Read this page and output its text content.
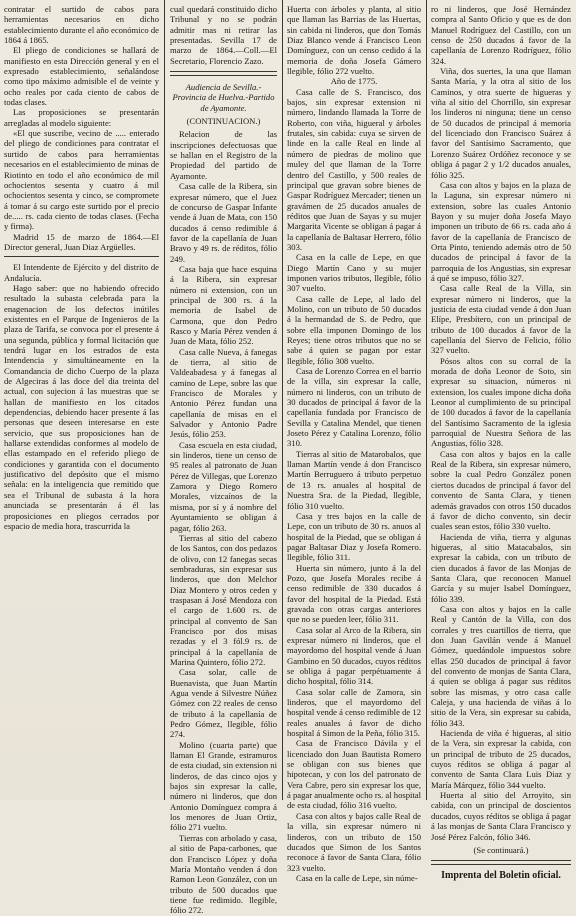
contratar el surtido de cabos para herramientas necesarios en dicho establecimiento durante el año económico de 1864 á 1865.

El pliego de condiciones se hallará de manifiesto en esta Dirección general y en el expresado establecimiento, señalándose como tipo máximo admisible el de veinte y ocho reales por cada ciento de cabos de todas clases.

Las proposiciones se presentarán arregladas al modelo siguiente:

«El que suscribe, vecino de ..... enterado del pliego de condiciones para contratar el surtido de cabos para herramientas necesarios en el establecimiento de minas de Riotinto en todo el año económico de mil ochocientos sesenta y cuatro á mil ochocientos sesenta y cinco, se compromete á tomar á su cargo este surtido por el precio de..... rs. cada ciento de todas clases. (Fecha y firma).

Madrid 15 de marzo de 1864.—El Director general, Juan Diaz Argüelles.

El Intendente de Ejército y del distrito de Andalucía.

Hago saber: que no habiendo ofrecido resultado la subasta celebrada para la enagenacion de los defectos inútiles existentes en el Parque de Ingenieros de la plaza de Tarifa, se convoca por el presente á una segunda, pública y formal licitación que tendrá lugar en los estrados de esta Intendencia y simultáneamente en la Comandancia de dicho Cuerpo de la plaza de Algeciras á las doce del dia treinta del actual, con sujecion á las muestras que se hallan de manifiesto en los citados dependencias, debiendo hacer presente á las personas que deseen interesarse en este servicio, que sus proposiciones han de hallarse extendidas conformes al modelo de ellas estampado en el referido pliego de condiciones y garantida con el documento justificativo del depósito que el mismo señala: en la inteligencia que remitido que sea el Tribunal de subasta á la hora anunciada se presentarán á él las proposiciones en pliegos cerrados por espacio de media hora, trascurrida la

cual quedará constituido dicho Tribunal y no se podrán admitir mas ni retirar las presentadas. Sevilla 17 de marzo de 1864.—Coll.—El Secretario, Florencio Zazo.

Audiencia de Sevilla.-Provincia de Huelva.-Partido de Ayamonte.

(CONTINUACION.)

Relacion de las inscripciones defectuosas que se hallan en el Registro de la Propiedad del partido de Ayamonte.

Casa calle de la Ribera, sin expresar número, que el Juez de concurso de Gaspar Infante vende á Juan de Mata, con 150 ducados á censo redimible á favor de la capellanía de Juan Bravo y 49 rs. de réditos, fólio 249.

Casa baja que hace esquina á la Ribera, sin expresar número ni extension, con un principal de 300 rs. á la memoria de Isabel de Carmona, que don Pedro Rasco y María Pérez venden á Juan de Mata, fólio 252.

Casa calle Nueva, á fanegas de tierra, al sitio de Valdeabadesa y á fanegas al camino de Lepe, sobre las que Francisco de Morales y Antonio Pérez fundan una capellanía de misas en el Salvador y Antonio Padre Jesús, fólio 253.

Casa escuela en esta ciudad, sin linderos, tiene un censo de 95 reales al patronato de Juan Pérez de Villegas, que Lorenzo Zamora y Diego Romero Morales, vizcaínos de la misma, por sí y á nombre del Ayuntamiento se obligan á pagar, fólio 263.

Tierras al sitio del cabezo de los Santos, con dos pedazos de olivo, con 12 fanegas secas sembraduras, sin expresar sus linderos, que don Melchor Díaz Montero y otros ceden y traspasan á José Mendoza con el cargo de 1.600 rs. de principal al convento de San Francisco por dos misas rezadas y el 3 fól.9 rs. de principal á la capellanía de Marina Quintero, fólio 272.

Casa solar, calle de Buenavista, que Juan Martín Agua vende á Silvestre Núñez Gómez con 22 reales de censo de tributo á la capellanía de Pedro Gómez, llegible, fólio 274.

Molino (cuarta parte) que llaman El Grande, estramuros de esta ciudad, sin extension ni linderos, de das cinco ojos y bajos sin expresar la calle, número ni linderos, que don Antonio Domínguez compra á los menores de Juan Ortiz, fólio 271 vuelto.

Tierras con arbolado y casa, al sitio de Papa-carbones, que don Francisco López y doña María Montaño venden á don Ramon Leon González, con un tributo de 500 ducados que tiene fue redimido. llegible, fólio 272.

Huerta con árboles y planta, al sitio que llaman las Barrias de las Huertas, sin cabida ni linderos, que don Tomás Diaz Blanco vende á Francisco Leon Domínguez, con un censo cedido á la memoria de doña Josefa Gámero llegible, fólio 272 vuelto.

Año de 1775.

Casa calle de S. Francisco, dos bajos, sin expresar extension ni número, lindando llamada la Torre de Roberto, con viña, higueral y árboles frutales, sin cabida: cuya se sirven de linde en la calle Real en linde al número de piedras de molino que muley del que llaman de la Torre dentro del Castillo, y 500 reales de principal que gravan sobre bienes de Gaspar Rodríguez Mercader; tienen un gravámen de 25 ducados anuales de réditos que Juan de Sayas y su mujer Margarita Vicente se obligan á pagar á la capellanía de Baltasar Herrero, fólio 303.

Casa en la calle de Lepe, en que Diego Martín Cano y su mujer imponen varios tributos, llegible, fólio 307 vuelto.

Casa calle de Lepe, al lado del Molino, con un tributo de 50 ducados á la hermandad de S. de Pedro, que sobre ella imponen Domingo de los Reyes; tiene otros tributos que no se sabe á quien se pagan por estar llegible, fólio 308 vuelto.

Casa de Lorenzo Correa en el barrio de la villa, sin expresar la calle, número ni linderos, con un tributo de 30 ducados de principal á favor de la capellanía fundada por Francisco de Sevilla y Catalina Mendel, que tienen Joseto Pérez y Catalina Lorenzo, fólio 310.

Tierras al sitio de Matarobalos, que llaman Martín vende á don Francisco Martín Berruguero á tributo perpetuo de 13 rs. anuales al hospital de Nuestra Sra. de la Piedad, llegible, fólio 310 vuelto.

Casa y tres bajos en la calle de Lepe, con un tributo de 30 rs. anuos al hospital de la Piedad, que se obligan á pagar Baltasar Diaz y Josefa Romero. llegible, fólio 311.

Huerta sin número, junto á la del Pozo, que Josefa Morales recibe á censo redimible de 330 ducados á favor del hospital de la Piedad. Está gravada con otras cargas anteriores que no se pueden leer, fólio 311.

Casa solar al Arco de la Ribera, sin expresar número ni linderos, que el mayordomo del hospital vende á Juan Gambino en 50 ducados, cuyos réditos se obliga á pagar perpétuamente á dicho hospital, fólio 314.

Casa solar calle de Zamora, sin linderos, que el mayordomo del hospital vende á censo redimible de 12 reales anuales á favor de dicho hospital á Simon de la Peña, fólio 315.

Casa de Francisco Dávila y el licenciado don Juan Bautista Romero se obligan con sus bienes que hipotecan, y con los del patronato de Vera Cabre, pero sin expresar los que, á pagar anualmente ocho rs. al hospital de esta ciudad, fólio 316 vuelto.

Casa con altos y bajos calle Real de la villa, sin expresar número ni linderos, con un tributo de 150 ducados que Simon de los Santos reconoce á favor de Santa Clara, fólio 323 vuelto.

Casa en la calle de Lepe, sin núme-

ro ni linderos, que José Hernández compra al Santo Oficio y que es de don Manuel Rodríguez del Castillo, con un censo de 250 ducados á favor de la capellanía de Lorenzo Rodríguez, fólio 324.

Viña, dos suertes, la una que llaman Santa María, y la otra al sitio de los Caminos, y otra suerte de higueras y viña al sitio del Chorrillo, sin expresar los linderos ni ninguna; tiene un censo de 50 ducados de principal á memoria del licenciado don Francisco Suárez á favor del Santísimo Sacramento, que Lorenzo Suárez Ordóñez reconoce y se obliga á pagar 2 y 1/2 ducados anuales, fólio 325.

Casa con altos y bajos en la plaza de la Laguna, sin expresar número ni extension, sobre las cuales Antonio Bayon y su mujer doña Josefa Mayo imponen un tributo de 66 rs. cada año á favor de la capellanía de Francisco de Orta Pinto, teniendo además otro de 50 ducados de principal á favor de la parroquia de los Angustias, sin expresar á qué se impuso, fólio 327.

Casa calle Real de la Villa, sin expresar número ni linderos, que la justicia de esta ciudad vende á don Juan Elípe, Presbítero, con un principal de tributo de 100 ducados á favor de la capellanía del Siervo de Felicio, fólio 327 vuelto.

Pósos altos con su corral de la morada de doña Leonor de Soto, sin expresar su situacion, números ni extension, los cuales impone dicha doña Leonor al cumplimiento de su principal de 100 ducados á favor de la capellanía del Santísimo Sacramento de la iglesia parroquial de Nuestra Señora de las Angustias, fólio 328.

Casa con altos y bajos en la calle Real de la Ribera, sin expresar número, sobre la cual Pedro González ponen ciertos ducados de principal á favor del convento de Santa Clara, y tienen además gravados con otros 150 ducados á favor de dicho convento, sin decir cuales sean estos, fólio 330 vuelto.

Hacienda de viña, tierra y algunas higueras, al sitio Matacabalos, sin expresar la cabida, con un tributo de cien ducados á favor de las Monjas de Santa Clara, que reconocen Manuel García y su mujer Isabel Domínguez, fólio 339.

Casa con altos y bajos en la calle Real y Cantón de la Villa, con dos corrales y tres cuartillos de tierra, que don Juan Gavilán vende á Manuel Gómez, quedándole impuestos sobre ellas 250 ducados de principal á favor del convento de monjas de Santa Clara, á quien se obliga á pagar sus réditos sobre las mismas, y otro casa calle Caleja, y una hacienda de viñas á lo sitio de la Vera, sin expresar su cabida, fólio 343.

Hacienda de viña é higueras, al sitio de la Vera, sin expresar la cabida, con un principal de tributo de 25 ducados, cuyos réditos se obliga á pagar al convento de Santa Clara Luis Diaz y María Márquez, fólio 344 vuelto.

Huerta al sitio del Arroyito, sin cabida, con un principal de doscientos ducados, cuyos réditos se obliga á pagar á las monjas de Santa Clara Francisco y José Pérez Falcón, fólio 346.

(Se continuará.)

Imprenta del Boletin oficial.
